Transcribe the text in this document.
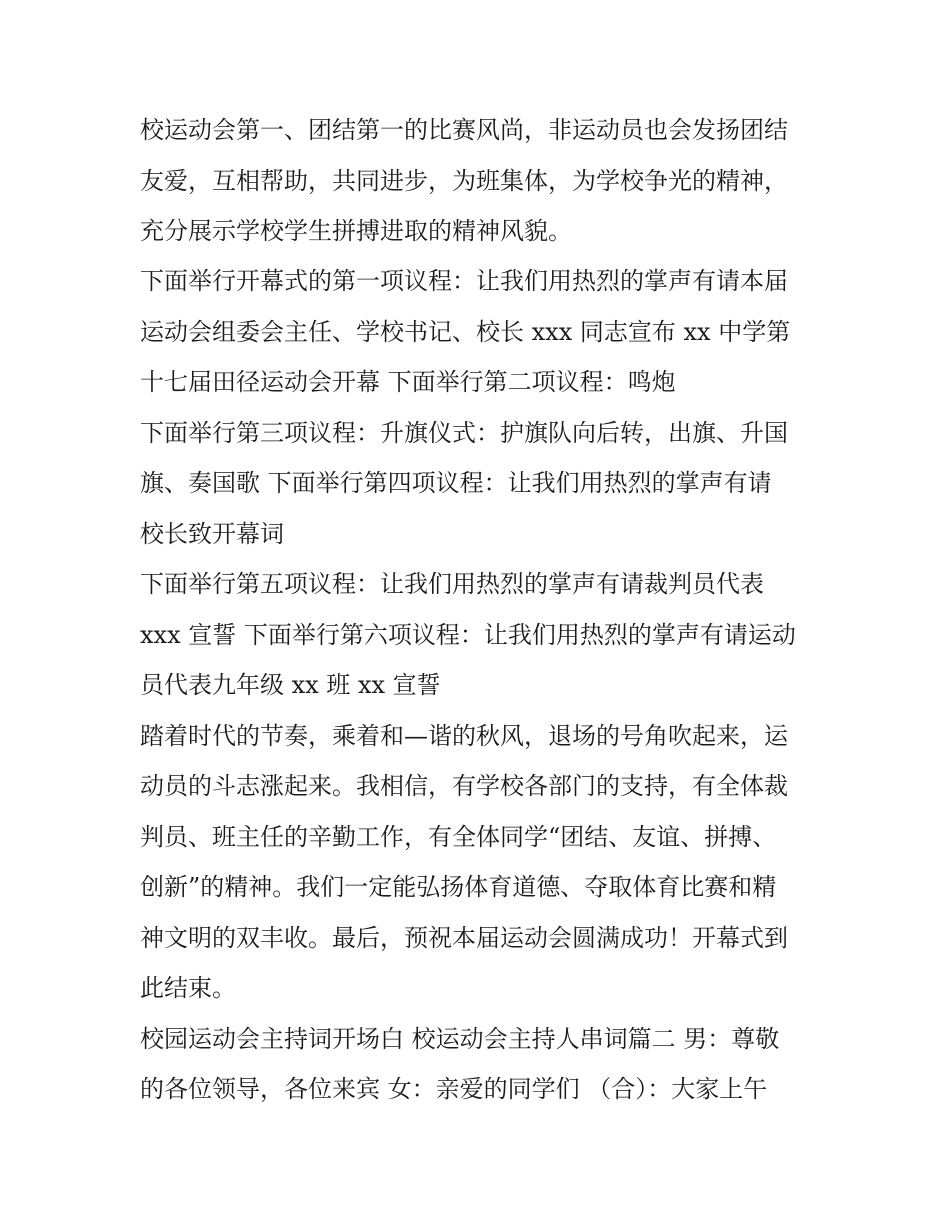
校运动会第一、团结第一的比赛风尚，非运动员也会发扬团结
友爱，互相帮助，共同进步，为班集体，为学校争光的精神，
充分展示学校学生拼搏进取的精神风貌。
下面举行开幕式的第一项议程：让我们用热烈的掌声有请本届
运动会组委会主任、学校书记、校长 xxx 同志宣布 xx 中学第
十七届田径运动会开幕 下面举行第二项议程：鸣炮
下面举行第三项议程：升旗仪式：护旗队向后转，出旗、升国
旗、奏国歌 下面举行第四项议程：让我们用热烈的掌声有请
校长致开幕词
下面举行第五项议程：让我们用热烈的掌声有请裁判员代表
xxx 宣誓 下面举行第六项议程：让我们用热烈的掌声有请运动
员代表九年级 xx 班 xx 宣誓
踏着时代的节奏，乘着和—谐的秋风，退场的号角吹起来，运
动员的斗志涨起来。我相信，有学校各部门的支持，有全体裁
判员、班主任的辛勤工作，有全体同学“团结、友谊、拼搏、
创新”的精神。我们一定能弘扬体育道德、夺取体育比赛和精
神文明的双丰收。最后，预祝本届运动会圆满成功！开幕式到
此结束。
校园运动会主持词开场白 校运动会主持人串词篇二 男：尊敬
的各位领导，各位来宾 女：亲爱的同学们 （合）：大家上午
